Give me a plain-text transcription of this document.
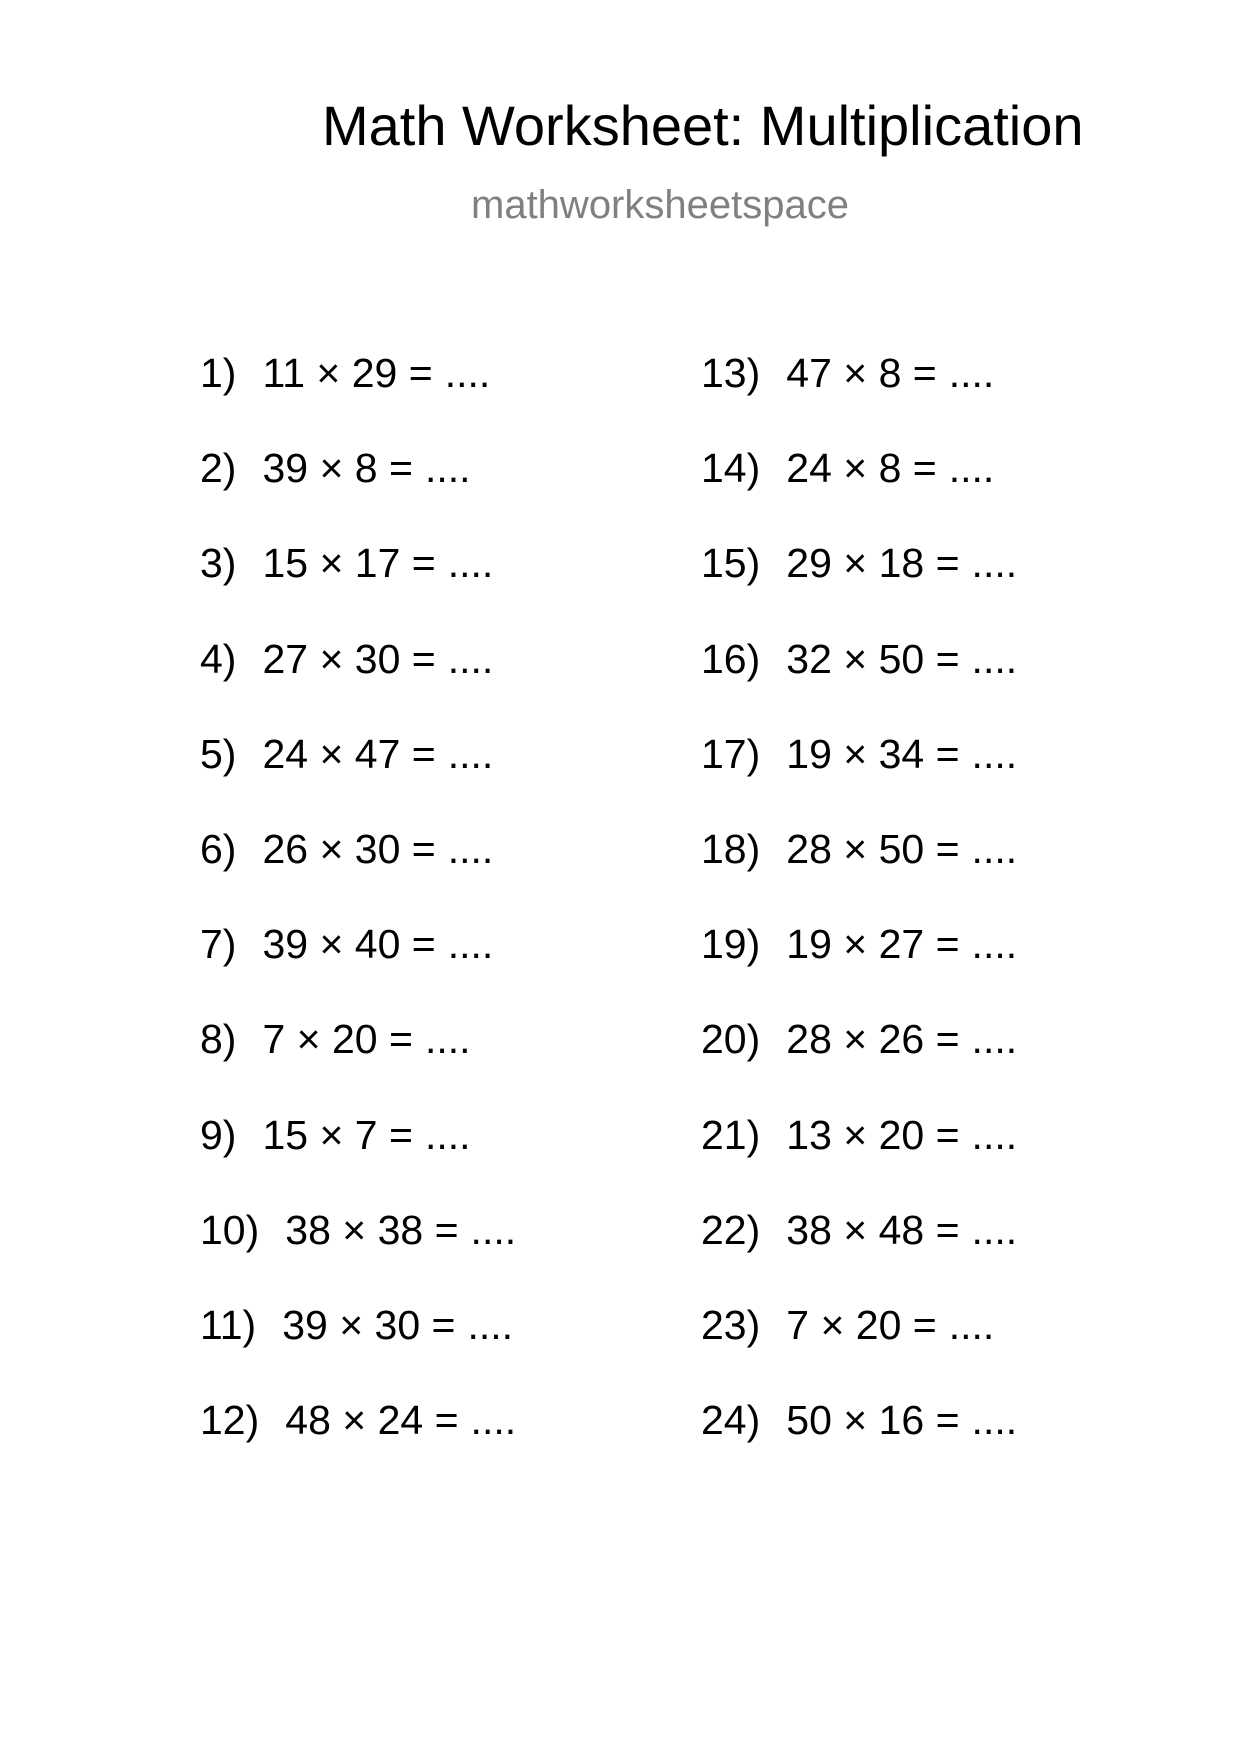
Math Worksheet: Multiplication
mathworksheetspace
1) 11 × 29 = ....
2) 39 × 8 = ....
3) 15 × 17 = ....
4) 27 × 30 = ....
5) 24 × 47 = ....
6) 26 × 30 = ....
7) 39 × 40 = ....
8) 7 × 20 = ....
9) 15 × 7 = ....
10) 38 × 38 = ....
11) 39 × 30 = ....
12) 48 × 24 = ....
13) 47 × 8 = ....
14) 24 × 8 = ....
15) 29 × 18 = ....
16) 32 × 50 = ....
17) 19 × 34 = ....
18) 28 × 50 = ....
19) 19 × 27 = ....
20) 28 × 26 = ....
21) 13 × 20 = ....
22) 38 × 48 = ....
23) 7 × 20 = ....
24) 50 × 16 = ....
